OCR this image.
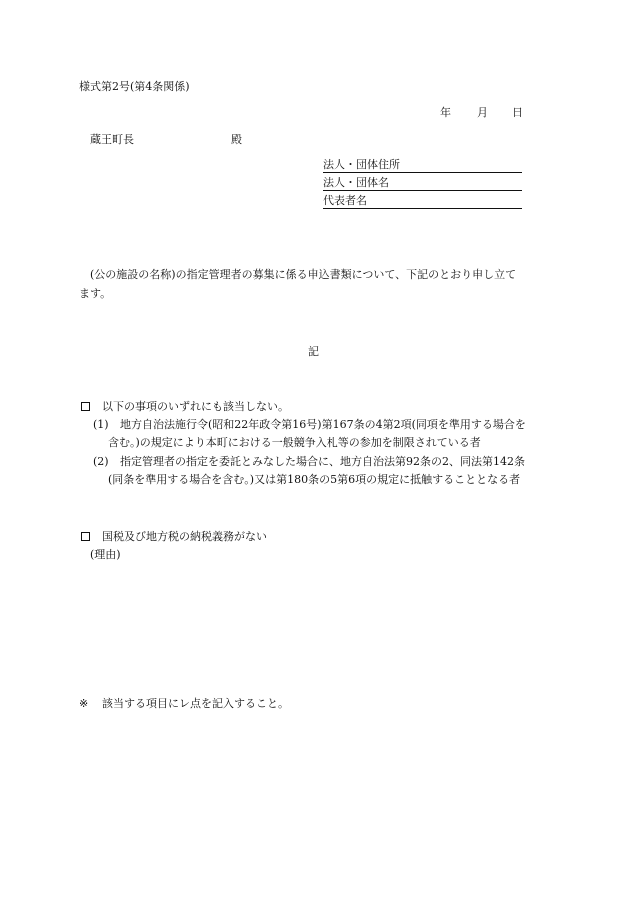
様式第2号(第4条関係)
年 月 日
蔵王町長	殿
法人・団体住所
法人・団体名
代表者名
(公の施設の名称)の指定管理者の募集に係る申込書類について、下記のとおり申し立て
ます。
記
以下の事項のいずれにも該当しない。
(1) 地方自治法施行令(昭和22年政令第16号)第167条の4第2項(同項を準用する場合を
含む。)の規定により本町における一般競争入札等の参加を制限されている者
(2) 指定管理者の指定を委託とみなした場合に、地方自治法第92条の2、同法第142条
(同条を準用する場合を含む。)又は第180条の5第6項の規定に抵触することとなる者
国税及び地方税の納税義務がない
(理由)
※ 該当する項目にレ点を記入すること。
